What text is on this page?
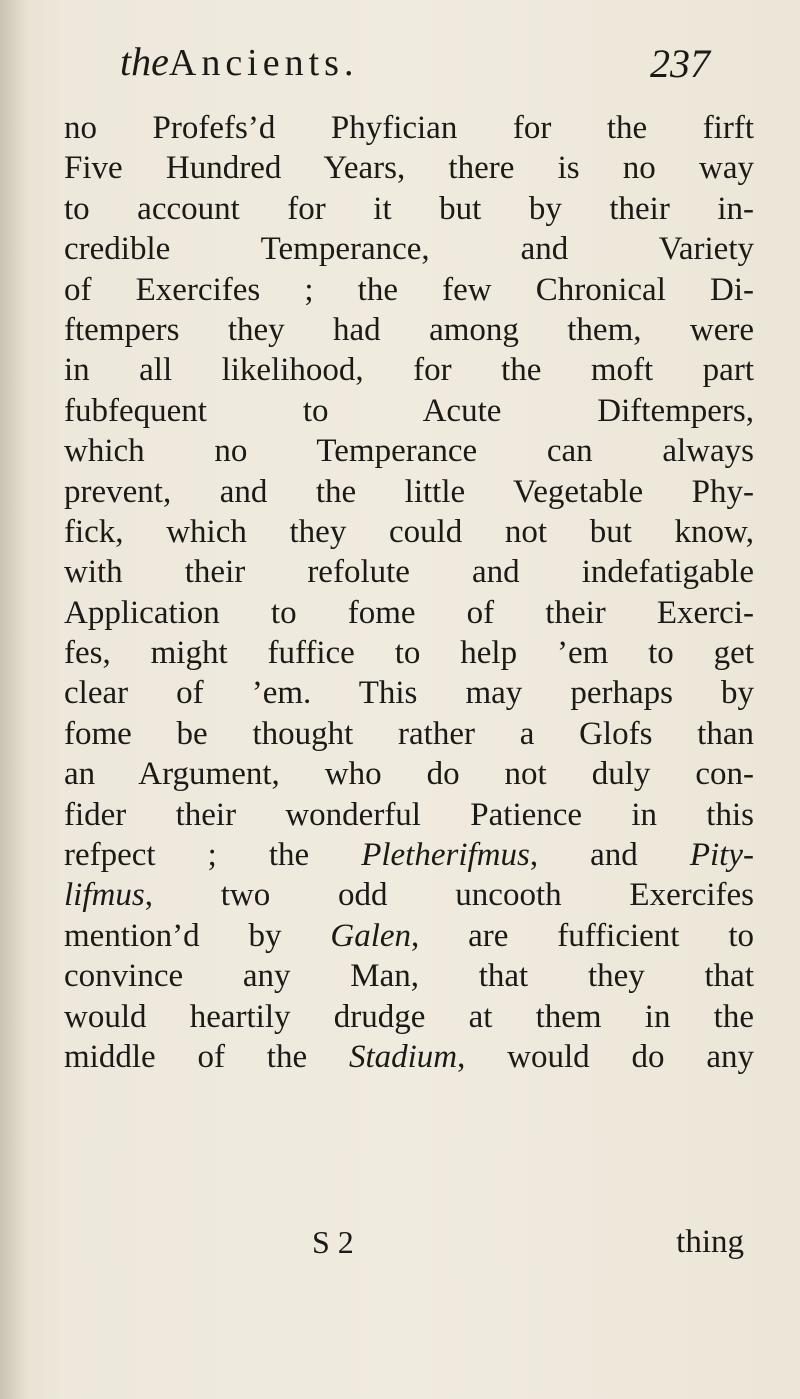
theAncients.	237
no Profefs’d Phyfician for the firft
Five Hundred Years, there is no way
to account for it but by their in-
credible Temperance, and Variety
of Exercifes ; the few Chronical Di-
ftempers they had among them, were
in all likelihood, for the moft part
fubfequent to Acute Diftempers,
which no Temperance can always
prevent, and the little Vegetable Phy-
fick, which they could not but know,
with their refolute and indefatigable
Application to fome of their Exerci-
fes, might fuffice to help ’em to get
clear of ’em. This may perhaps by
fome be thought rather a Glofs than
an Argument, who do not duly con-
fider their wonderful Patience in this
refpect ; the Pletherifmus, and Pity-
lifmus, two odd uncooth Exercifes
mention’d by Galen, are fufficient to
convince any Man, that they that
would heartily drudge at them in the
middle of the Stadium, would do any
S 2	thing
